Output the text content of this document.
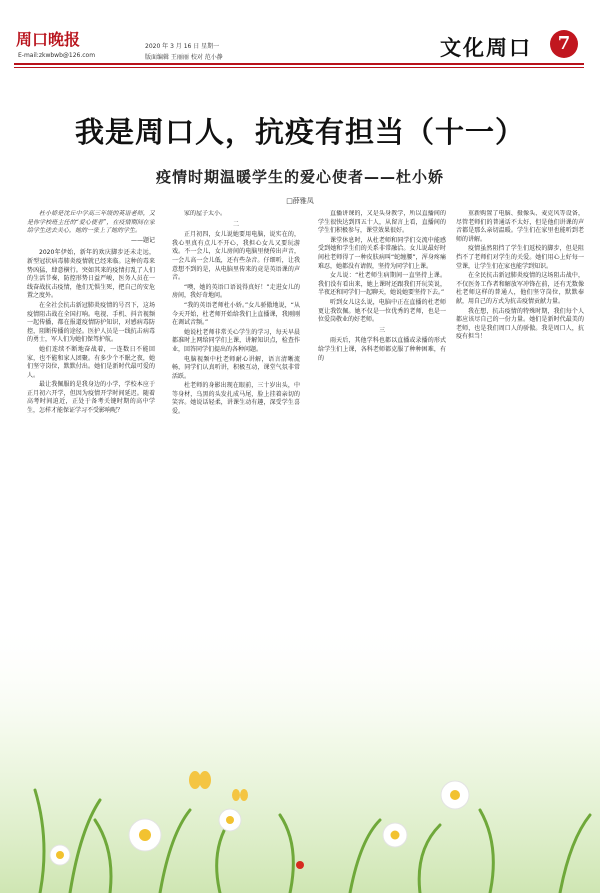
周口晚报	2020 年 3 月 16 日 星期一
E-mail:zkwbwb@126.com	版面编辑 王丽丽 校对 范小静	文化周口	7
我是周口人，抗疫有担当（十一）
疫情时期温暖学生的爱心使者——杜小娇
□薛雅凤

杜小娇是沈丘中学高三年级的英语老师，又是你学校班主任的“爱心使者”，在疫情期间在家给学生送去关心，她的一张上了她的学生。

——题记

2020年伊始，新年的欢庆脚步还未走远，新型冠状病毒肺炎疫情就已经来临。这种的毒来势凶猛，肆意横行。突如其来的疫情打乱了人们的生活节奏，防控形势日益严峻，医务人员在一线奋战抗击疫情，他们无惧生死，把自己的安危置之度外。

在全社会抗击新冠肺炎疫情的号召下，这场疫情阻击战在全国打响。电视、手机、抖音视频一起传播，都在报道疫情防护知识，对感病毒防控，阻断传播的途径。医护人员是一线抗击病毒的勇士，军人们为她们保驾护航。

她们连续不断地奋战着，一连数日不能回家，也不能和家人团聚。有多少个不眠之夜，她们坚守岗位，默默付出。她们是新时代最可爱的人。

最让我佩服的是我身边的小学，学校本应于正月初六开学，但因为疫情开学时间延迟。随着高考时间迫近，正处于备考关键时期的高中学生，怎样才能保证学习不受影响呢？

家的屋子太小。

二

正月初四，女儿说她要用电脑，说实在的，我心里真有点儿不开心，我担心女儿又要玩游戏。不一会儿，女儿房间的电脑里便传出声音，一会儿高一会儿低，还有些杂音。仔细听，让我意想不到的是，从电脑里传来的竟是英语课的声音。

“噢，她的英语口语说得真好！”走进女儿的房间，我好奇地问。

“我的英语老师杜小娇。”女儿骄傲地说，“从今天开始，杜老师开始给我们上直播课，我刚刚在调试音频。”

她说杜老师非常关心学生的学习，每天早晨都准时上网给同学们上课，讲解知识点，检查作业，回答同学们提出的各种问题。

电脑视频中杜老师耐心讲解，语言清晰流畅，同学们认真听讲，积极互动，课堂气氛非常活跃。

杜老师的身影出现在眼前，三十岁出头，中等身材，乌黑的头发扎成马尾，脸上挂着亲切的笑容。她说话轻柔，讲课生动有趣，深受学生喜爱。

直播讲课的，又是头身教学，所以直播间的学生很快达到四五十人，从留言上看，直播间的学生们积极参与，课堂效果很好。

课堂休息时，从杜老师和同学们交流中能感受到她和学生们的关系非常融洽。女儿说最好时间杜老师得了一种皮肤病叫“蛇缠腰”，浑身疼痛难忍，她都没有请假，坚持为同学们上课。

女儿说：“杜老师生病期间一直坚持上课。我们没有看出来，她上课时还跟我们开玩笑说，半夜还和同学们一起聊天，她说她要坚持下去。”

听到女儿这么说，电脑中正在直播的杜老师更让我钦佩。她不仅是一位优秀的老师，也是一位爱岗敬业的好老师。

三

雨天后，其他学科也都以直播或录播的形式给学生们上课，各科老师都克服了种种困难，有的

重新购置了电脑、摄像头、麦克风等设备，尽管老师们的普通话不太好，但是他们讲课的声音都是那么亲切温暖。学生们在家里也能听到老师的讲解。

疫情虽然阻挡了学生们返校的脚步，但是阻挡不了老师们对学生的关爱。她们用心上好每一堂课，让学生们在家也能学到知识。

在全民抗击新冠肺炎疫情的这场阻击战中，不仅医务工作者和解放军冲锋在前，还有无数像杜老师这样的普通人，他们坚守岗位，默默奉献，用自己的方式为抗击疫情贡献力量。

我在想，抗击疫情的特殊时期，我们每个人都应该尽自己的一份力量。她们是新时代最美的老师，也是我们周口人的骄傲。我是周口人，抗疫有担当！
